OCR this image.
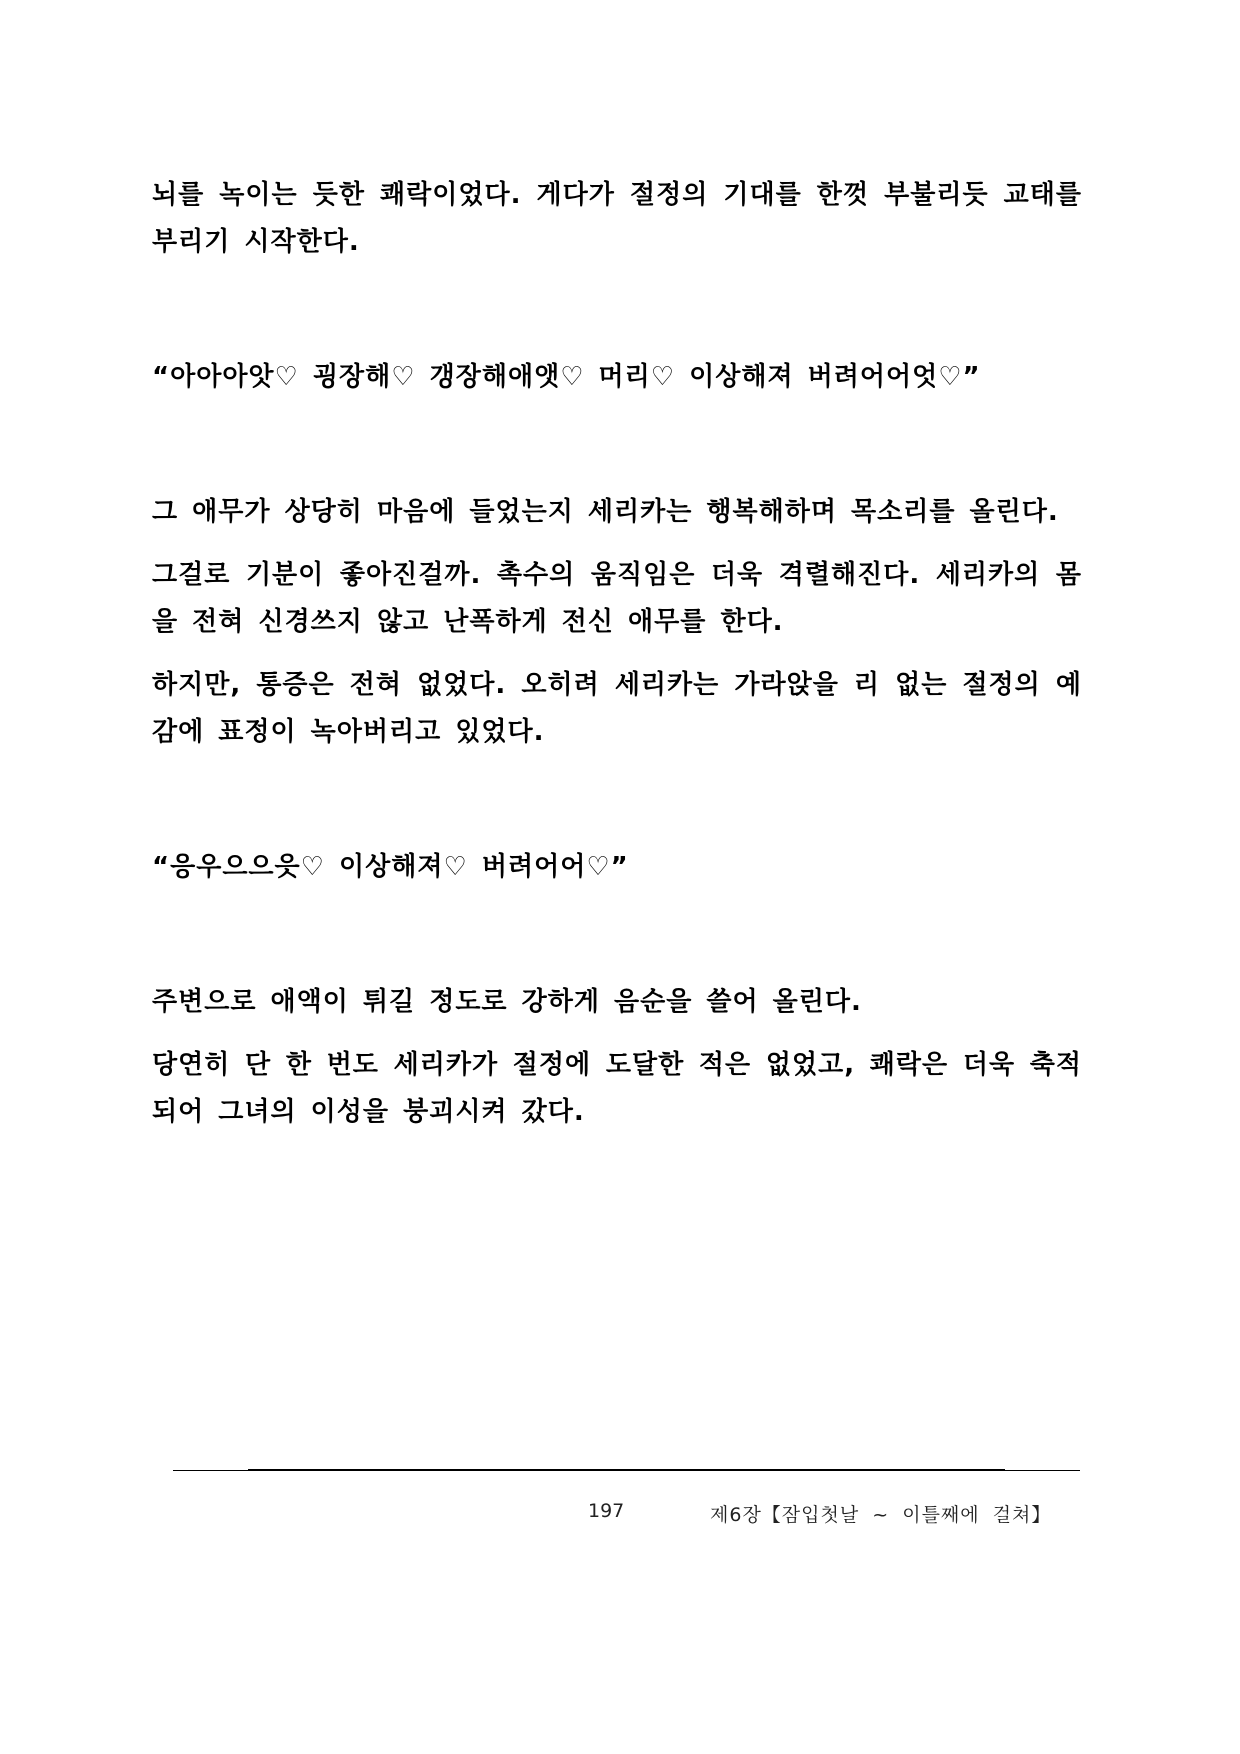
뇌를 녹이는 듯한 쾌락이었다. 게다가 절정의 기대를 한껏 부불리듯 교태를 부리기 시작한다.

“아아아앗♡ 굉장해♡ 갱장해애앳♡ 머리♡ 이상해져 버려어어엇♡”

그 애무가 상당히 마음에 들었는지 세리카는 행복해하며 목소리를 올린다.

그걸로 기분이 좋아진걸까. 촉수의 움직임은 더욱 격렬해진다. 세리카의 몸을 전혀 신경쓰지 않고 난폭하게 전신 애무를 한다.

하지만, 통증은 전혀 없었다. 오히려 세리카는 가라앉을 리 없는 절정의 예감에 표정이 녹아버리고 있었다.

“응우으으읏♡ 이상해져♡ 버려어어♡”

주변으로 애액이 튀길 정도로 강하게 음순을 쓸어 올린다.

당연히 단 한 번도 세리카가 절정에 도달한 적은 없었고, 쾌락은 더욱 축적되어 그녀의 이성을 붕괴시켜 갔다.

197	제6장【잠입첫날 ~ 이틀째에 걸쳐】
